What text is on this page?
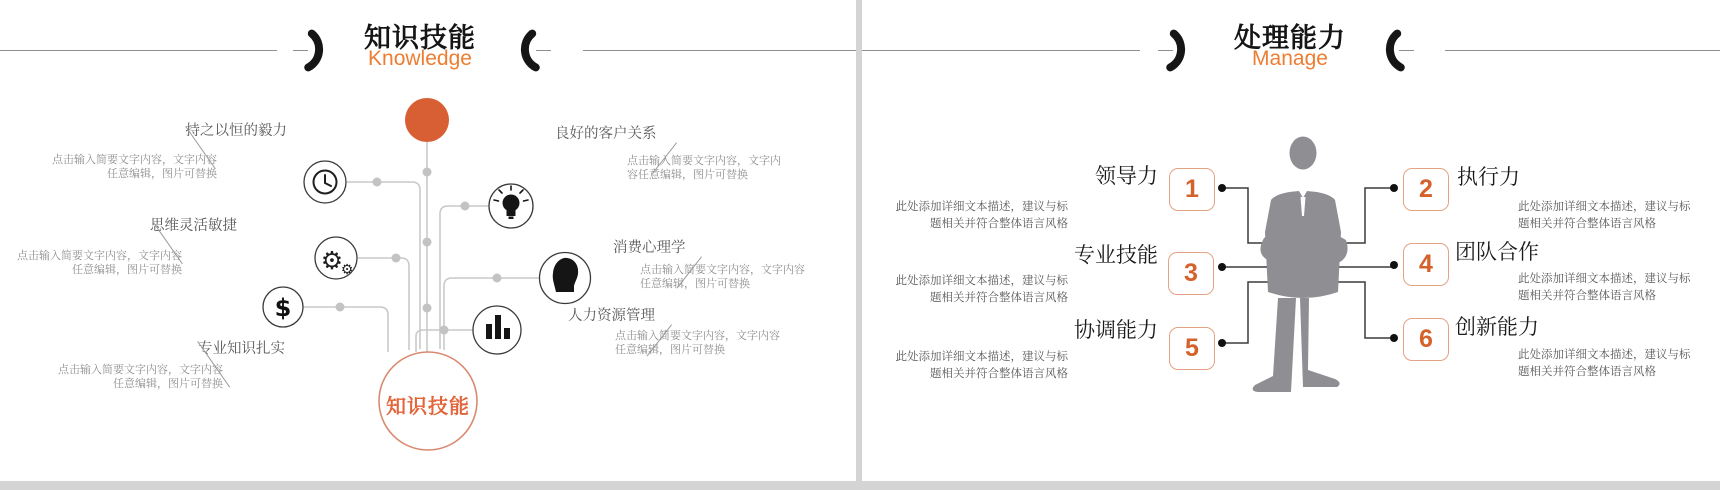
知识技能
Knowledge
⚙
⚙
$
知识技能
持之以恒的毅力
点击输入简要文字内容，文字内容
任意编辑，图片可替换
思维灵活敏捷
点击输入简要文字内容，文字内容
任意编辑，图片可替换
专业知识扎实
点击输入简要文字内容，文字内容
任意编辑，图片可替换
良好的客户关系
点击输入简要文字内容，文字内
容任意编辑，图片可替换
消费心理学
点击输入简要文字内容，文字内容
任意编辑，图片可替换
人力资源管理
点击输入简要文字内容，文字内容
任意编辑，图片可替换
处理能力
Manage
领导力	1
此处添加详细文本描述，建议与标
题相关并符合整体语言风格
2	执行力
此处添加详细文本描述，建议与标
题相关并符合整体语言风格
专业技能
3
此处添加详细文本描述，建议与标
题相关并符合整体语言风格
4	团队合作
此处添加详细文本描述，建议与标
题相关并符合整体语言风格
协调能力
5
此处添加详细文本描述，建议与标
题相关并符合整体语言风格
6	创新能力
此处添加详细文本描述，建议与标
题相关并符合整体语言风格
